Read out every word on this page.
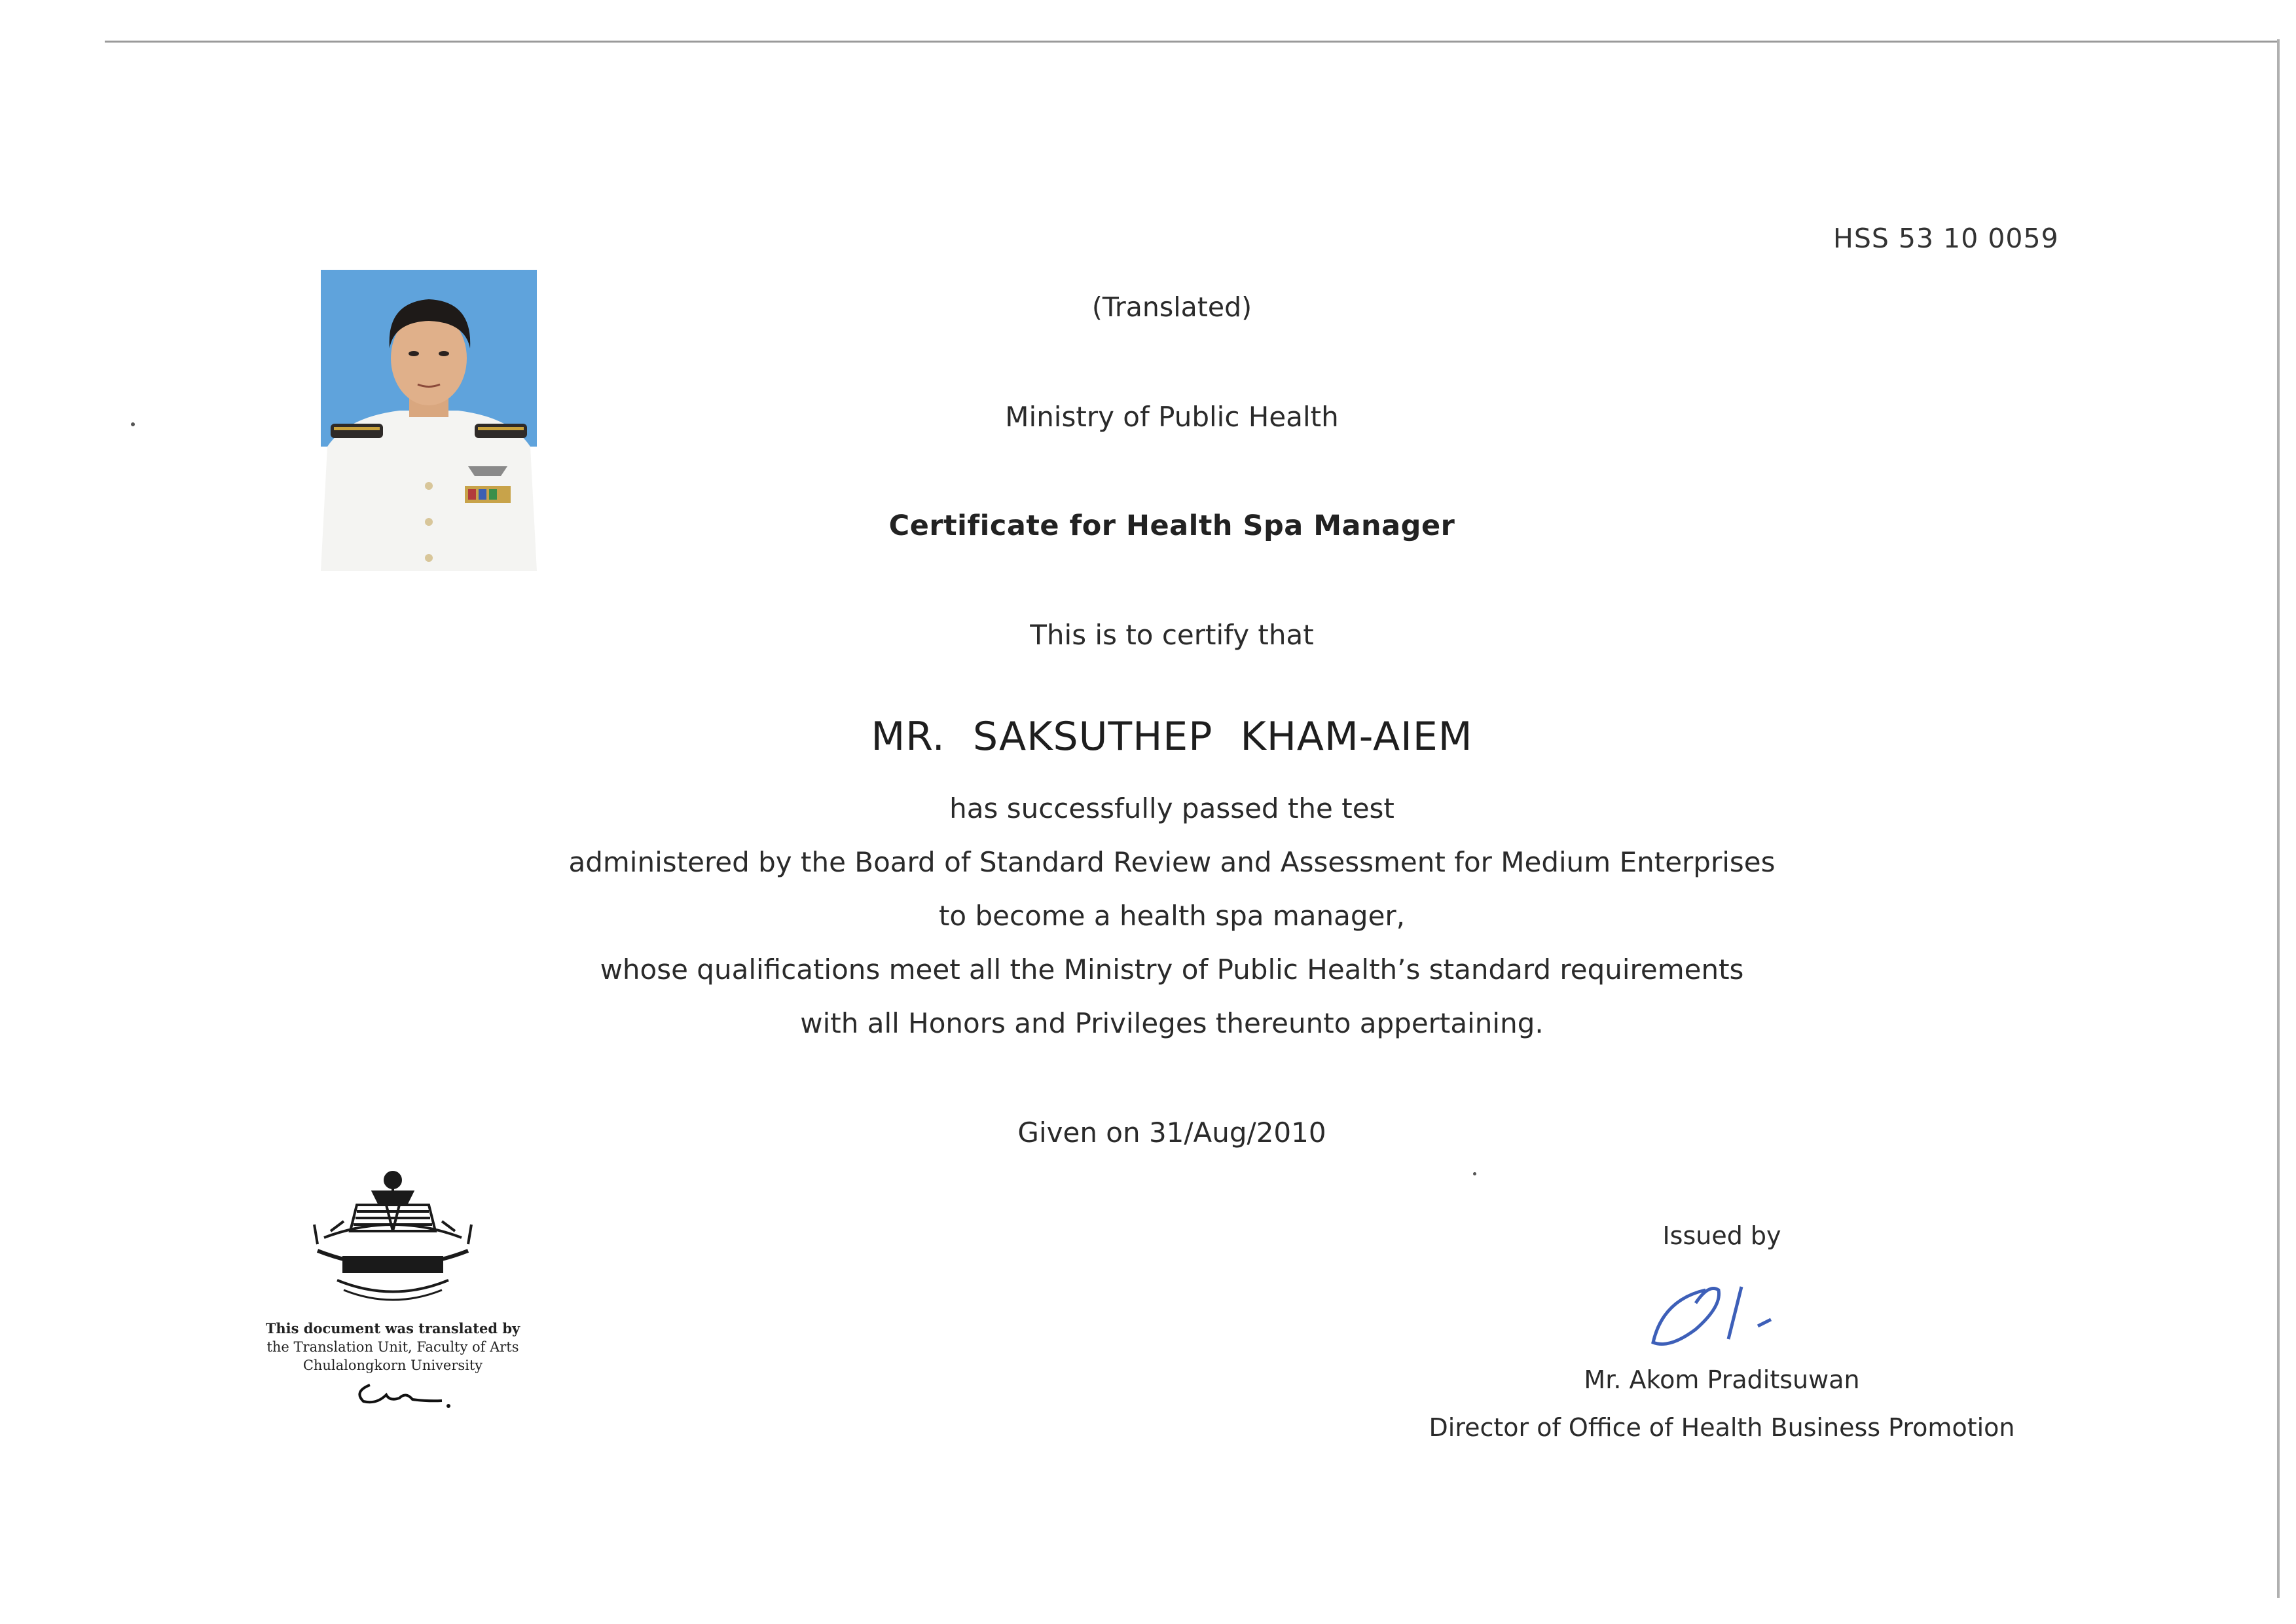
HSS 53 10 0059
(Translated)
Ministry of Public Health
Certificate for Health Spa Manager
This is to certify that
MR. SAKSUTHEP KHAM-AIEM
has successfully passed the test
administered by the Board of Standard Review and Assessment for Medium Enterprises
to become a health spa manager,
whose qualifications meet all the Ministry of Public Health’s standard requirements
with all Honors and Privileges thereunto appertaining.
Given on 31/Aug/2010
This document was translated by
the Translation Unit, Faculty of Arts
Chulalongkorn University
Issued by
Mr. Akom Praditsuwan
Director of Office of Health Business Promotion
